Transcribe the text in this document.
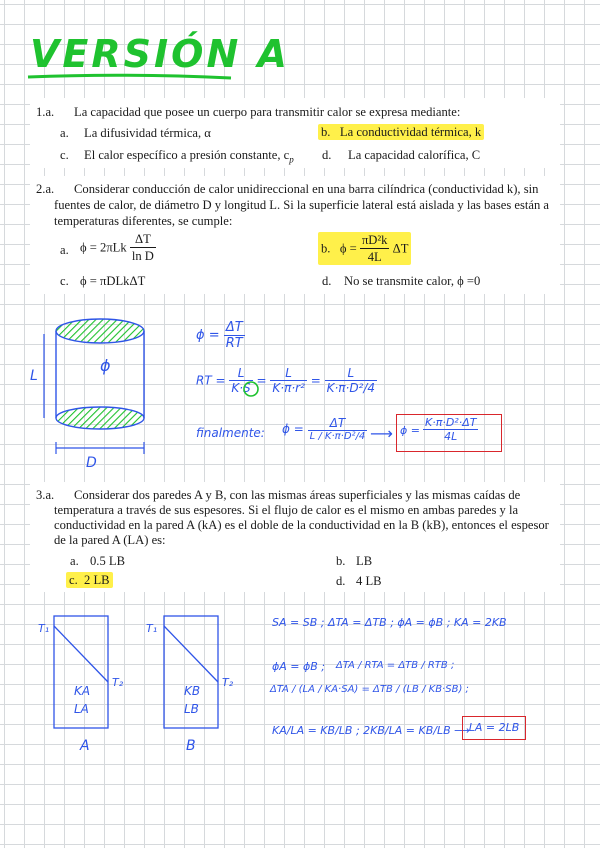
VERSIÓN A
1.a. La capacidad que posee un cuerpo para transmitir calor se expresa mediante:
a. La difusividad térmica, α	b. La conductividad térmica, k
c. El calor específico a presión constante, $c_p$ d. La capacidad calorífica, C
2.a. Considerar conducción de calor unidireccional en una barra cilíndrica (conductividad k), sin
fuentes de calor, de diámetro D y longitud L. Si la superficie lateral está aislada y las bases están a
temperaturas diferentes, se cumple:
a. $\phi = 2\pi Lk \frac{\Delta T}{\text{ln D}}$	b. $\phi = \frac{\text{πD²k}}{4L}$ ΔT
c. ϕ = πDLkΔT	d. No se transmite calor, ϕ =0
L
ϕ
D
$\phi = \frac{\Delta T}{RT}$
RT = $\frac{L}{K\cdot S} = \frac{L}{\text{K·π·r²}} = \frac{L}{\text{K·π·D²/4}}$
finalmente: $\phi = \frac{\Delta T}{\text{L / K·π·D²/4}}$ ⟶ $\phi = \frac{\text{K·π·D²·ΔT}}{4L}$
3.a. Considerar dos paredes A y B, con las mismas áreas superficiales y las mismas caídas de
temperatura a través de sus espesores. Si el flujo de calor es el mismo en ambas paredes y la
conductividad en la pared A (kA) es el doble de la conductividad en la B (kB), entonces el espesor
de la pared A (LA) es:
a. 0.5 LB	b. LB
c. 2 LB	d. 4 LB
T₁
T₂
KA
LA
A
T₁
T₂
KB
LB
B
SA = SB ; ΔTA = ΔTB ; ϕA = ϕB ; KA = 2KB
ϕA = ϕB ; ΔTA / RTA = ΔTB / RTB ;
ΔTA / (LA / KA·SA) = ΔTB / (LB / KB·SB) ;
KA/LA = KB/LB ; 2KB/LA = KB/LB ⟶
LA = 2LB
